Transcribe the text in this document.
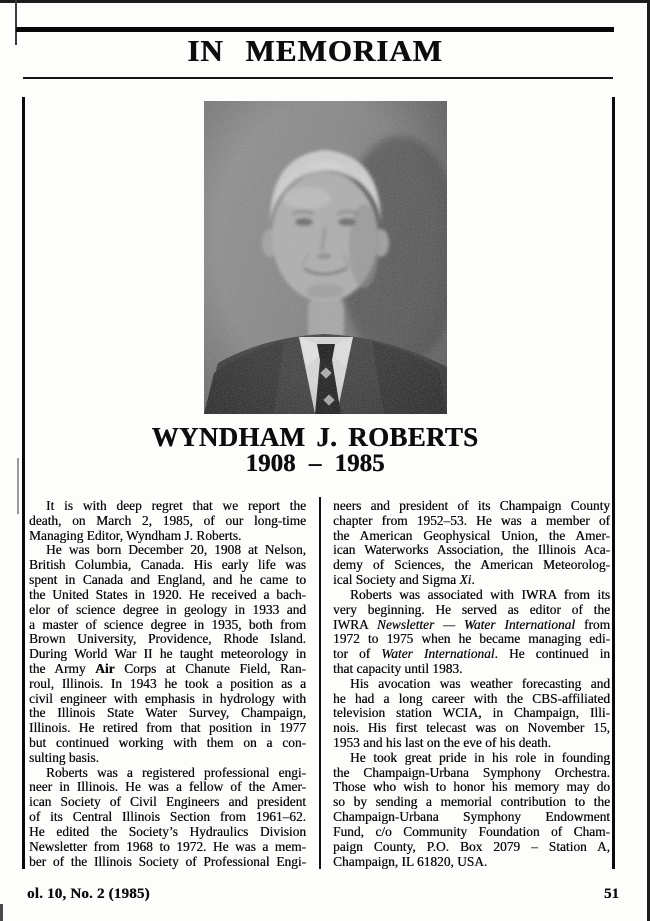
IN MEMORIAM
WYNDHAM J. ROBERTS
1908 – 1985
It is with deep regret that we report the
death, on March 2, 1985, of our long-time
Managing Editor, Wyndham J. Roberts.
He was born December 20, 1908 at Nelson,
British Columbia, Canada. His early life was
spent in Canada and England, and he came to
the United States in 1920. He received a bach-
elor of science degree in geology in 1933 and
a master of science degree in 1935, both from
Brown University, Providence, Rhode Island.
During World War II he taught meteorology in
the Army Air Corps at Chanute Field, Ran-
roul, Illinois. In 1943 he took a position as a
civil engineer with emphasis in hydrology with
the Illinois State Water Survey, Champaign,
Illinois. He retired from that position in 1977
but continued working with them on a con-
sulting basis.
Roberts was a registered professional engi-
neer in Illinois. He was a fellow of the Amer-
ican Society of Civil Engineers and president
of its Central Illinois Section from 1961–62.
He edited the Society’s Hydraulics Division
Newsletter from 1968 to 1972. He was a mem-
ber of the Illinois Society of Professional Engi-
neers and president of its Champaign County
chapter from 1952–53. He was a member of
the American Geophysical Union, the Amer-
ican Waterworks Association, the Illinois Aca-
demy of Sciences, the American Meteorolog-
ical Society and Sigma Xi.
Roberts was associated with IWRA from its
very beginning. He served as editor of the
IWRA Newsletter — Water International from
1972 to 1975 when he became managing edi-
tor of Water International. He continued in
that capacity until 1983.
His avocation was weather forecasting and
he had a long career with the CBS-affiliated
television station WCIA, in Champaign, Illi-
nois. His first telecast was on November 15,
1953 and his last on the eve of his death.
He took great pride in his role in founding
the Champaign-Urbana Symphony Orchestra.
Those who wish to honor his memory may do
so by sending a memorial contribution to the
Champaign-Urbana Symphony Endowment
Fund, c/o Community Foundation of Cham-
paign County, P.O. Box 2079 – Station A,
Champaign, IL 61820, USA.
ol. 10, No. 2 (1985)	51
